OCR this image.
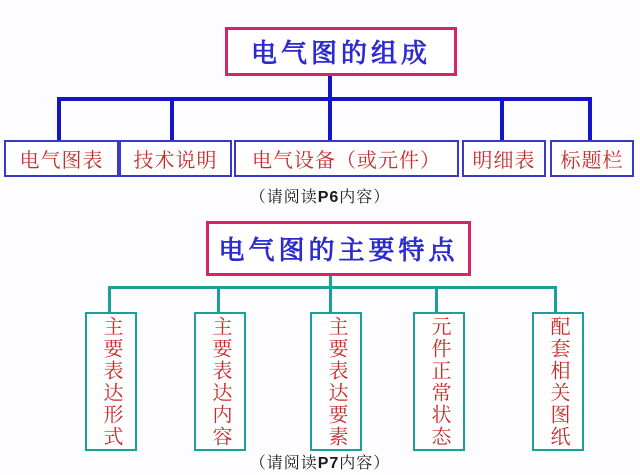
电气图的组成
电气图表 技术说明 电气设备（或元件） 明细表 标题栏
（请阅读P6内容）
电气图的主要特点
主要表达形式	主要表达内容	主要表达要素	元件正常状态	配套相关图纸
（请阅读P7内容）
